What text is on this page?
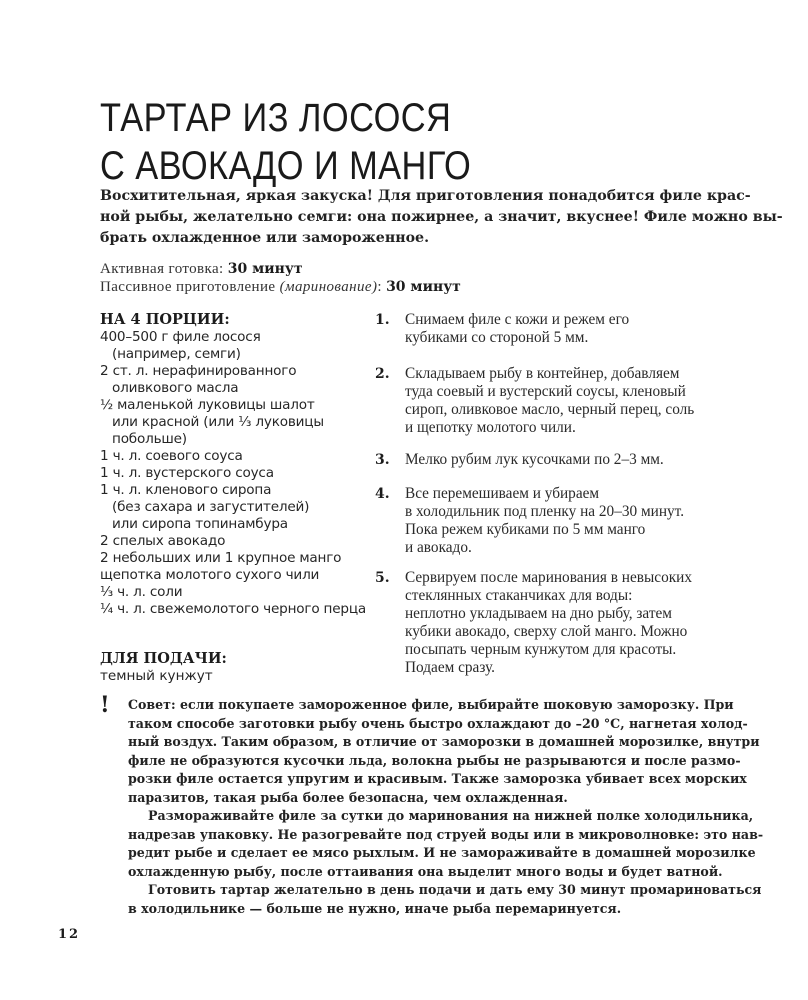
ТАРТАР ИЗ ЛОСОСЯ
С АВОКАДО И МАНГО

Восхитительная, яркая закуска! Для приготовления понадобится филе крас-
ной рыбы, желательно семги: она пожирнее, а значит, вкуснее! Филе можно вы-
брать охлажденное или замороженное.

Активная готовка: 30 минут
Пассивное приготовление (маринование): 30 минут
НА 4 ПОРЦИИ:
400–500 г филе лосося
(например, семги)
2 ст. л. нерафинированного
оливкового масла
½ маленькой луковицы шалот
или красной (или ⅓ луковицы
побольше)
1 ч. л. соевого соуса
1 ч. л. вустерского соуса
1 ч. л. кленового сиропа
(без сахара и загустителей)
или сиропа топинамбура
2 спелых авокадо
2 небольших или 1 крупное манго
щепотка молотого сухого чили
⅓ ч. л. соли
¼ ч. л. свежемолотого черного перца
ДЛЯ ПОДАЧИ:
темный кунжут
1. Снимаем филе с кожи и режем его
кубиками со стороной 5 мм.
2. Складываем рыбу в контейнер, добавляем
туда соевый и вустерский соусы, кленовый
сироп, оливковое масло, черный перец, соль
и щепотку молотого чили.
3. Мелко рубим лук кусочками по 2–3 мм.
4. Все перемешиваем и убираем
в холодильник под пленку на 20–30 минут.
Пока режем кубиками по 5 мм манго
и авокадо.
5. Сервируем после маринования в невысоких
стеклянных стаканчиках для воды:
неплотно укладываем на дно рыбу, затем
кубики авокадо, сверху слой манго. Можно
посыпать черным кунжутом для красоты.
Подаем сразу.
! Совет: если покупаете замороженное филе, выбирайте шоковую заморозку. При
таком способе заготовки рыбу очень быстро охлаждают до –20 °С, нагнетая холод-
ный воздух. Таким образом, в отличие от заморозки в домашней морозилке, внутри
филе не образуются кусочки льда, волокна рыбы не разрываются и после размо-
розки филе остается упругим и красивым. Также заморозка убивает всех морских
паразитов, такая рыба более безопасна, чем охлажденная.
Размораживайте филе за сутки до маринования на нижней полке холодильника,
надрезав упаковку. Не разогревайте под струей воды или в микроволновке: это нав-
редит рыбе и сделает ее мясо рыхлым. И не замораживайте в домашней морозилке
охлажденную рыбу, после оттаивания она выделит много воды и будет ватной.
Готовить тартар желательно в день подачи и дать ему 30 минут промариноваться
в холодильнике — больше не нужно, иначе рыба перемаринуется.
12
